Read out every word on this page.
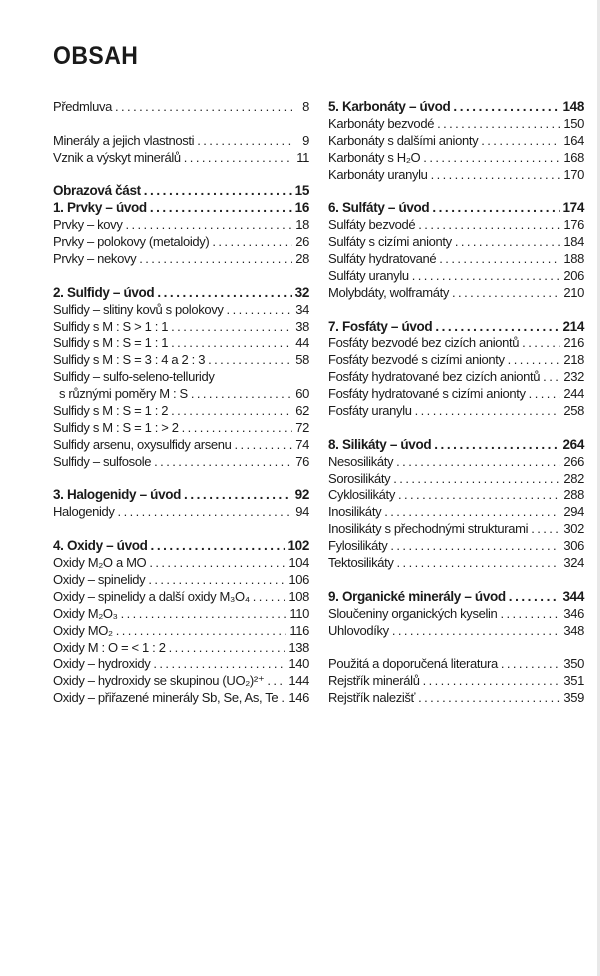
OBSAH
Předmluva . . .	8
Minerály a jejich vlastnosti . . .	9
Vznik a výskyt minerálů . . .	11
Obrazová část . . .	15
1. Prvky – úvod . . .	16
Prvky – kovy . . .	18
Prvky – polokovy (metaloidy) . . .	26
Prvky – nekovy . . .	28
2. Sulfidy – úvod . . .	32
Sulfidy – slitiny kovů s polokovy . . .	34
Sulfidy s M : S > 1 : 1 . . .	38
Sulfidy s M : S = 1 : 1 . . .	44
Sulfidy s M : S = 3 : 4 a 2 : 3 . . .	58
Sulfidy – sulfo-seleno-telluridy
s různými poměry M : S . . .	60
Sulfidy s M : S = 1 : 2 . . .	62
Sulfidy s M : S = 1 : > 2 . . .	72
Sulfidy arsenu, oxysulfidy arsenu . . .	74
Sulfidy – sulfosole . . .	76
3. Halogenidy – úvod . . .	92
Halogenidy . . .	94
4. Oxidy – úvod . . .	102
Oxidy M₂O a MO . . .	104
Oxidy – spinelidy . . .	106
Oxidy – spinelidy a další oxidy M₃O₄ . . .	108
Oxidy M₂O₃ . . .	110
Oxidy MO₂ . . .	116
Oxidy M : O = < 1 : 2 . . .	138
Oxidy – hydroxidy . . .	140
Oxidy – hydroxidy se skupinou (UO₂)²⁺ . . . 144
Oxidy – přiřazené minerály Sb, Se, As, Te . . . 146
5. Karbonáty – úvod . . .	148
Karbonáty bezvodé . . .	150
Karbonáty s dalšími anionty . . .	164
Karbonáty s H₂O . . .	168
Karbonáty uranylu . . .	170
6. Sulfáty – úvod . . .	174
Sulfáty bezvodé . . .	176
Sulfáty s cizími anionty . . .	184
Sulfáty hydratované . . .	188
Sulfáty uranylu . . .	206
Molybdáty, wolframáty . . .	210
7. Fosfáty – úvod . . .	214
Fosfáty bezvodé bez cizích aniontů . . .	216
Fosfáty bezvodé s cizími anionty . . .	218
Fosfáty hydratované bez cizích aniontů . . . 232
Fosfáty hydratované s cizími anionty . . .	244
Fosfáty uranylu . . .	258
8. Silikáty – úvod . . .	264
Nesosilikáty . . .	266
Sorosilikáty . . .	282
Cyklosilikáty . . .	288
Inosilikáty . . .	294
Inosilikáty s přechodnými strukturami . . .	302
Fylosilikáty . . .	306
Tektosilikáty . . .	324
9. Organické minerály – úvod . . .	344
Sloučeniny organických kyselin . . .	346
Uhlovodíky . . .	348
Použitá a doporučená literatura . . .	350
Rejstřík minerálů . . .	351
Rejstřík nalezišť . . .	359
